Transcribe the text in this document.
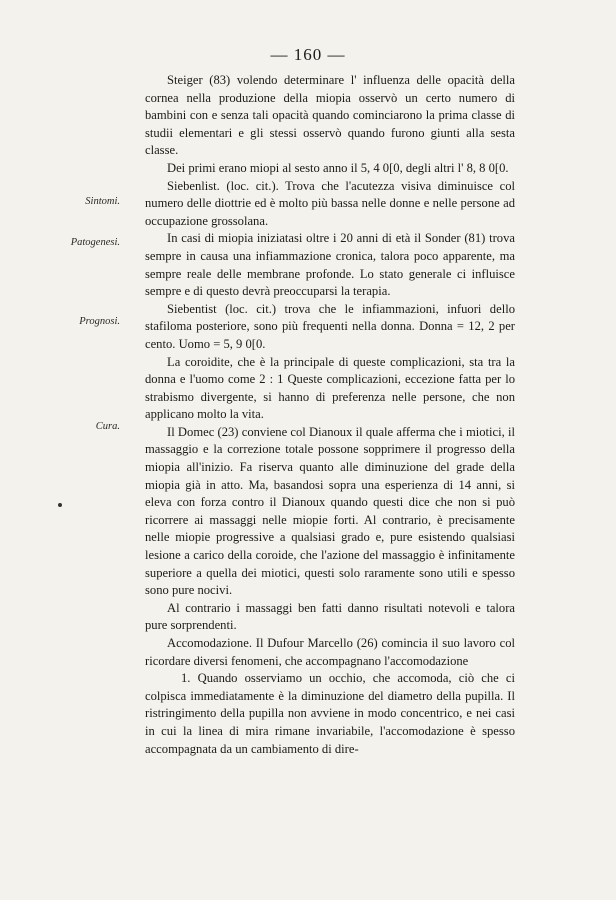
— 160 —
Sintomi.
Patogenesi.
Prognosi.
Cura.

Steiger (83) volendo determinare l' influenza delle opacità della cornea nella produzione della miopia osservò un certo numero di bambini con e senza tali opacità quando cominciarono la prima classe di studii elementari e gli stessi osservò quando furono giunti alla sesta classe.

Dei primi erano miopi al sesto anno il 5, 4 0[0, degli altri l' 8, 8 0[0.

Siebenlist. (loc. cit.). Trova che l'acutezza visiva diminuisce col numero delle diottrie ed è molto più bassa nelle donne e nelle persone ad occupazione grossolana.

In casi di miopia iniziatasi oltre i 20 anni di età il Sonder (81) trova sempre in causa una infiammazione cronica, talora poco apparente, ma sempre reale delle membrane profonde. Lo stato generale ci influisce sempre e di questo devrà preoccuparsi la terapia.

Siebentist (loc. cit.) trova che le infiammazioni, infuori dello stafiloma posteriore, sono più frequenti nella donna. Donna = 12, 2 per cento. Uomo = 5, 9 0[0.

La coroidite, che è la principale di queste complicazioni, sta tra la donna e l'uomo come 2 : 1 Queste complicazioni, eccezione fatta per lo strabismo divergente, si hanno di preferenza nelle persone, che non applicano molto la vita.

Il Domec (23) conviene col Dianoux il quale afferma che i miotici, il massaggio e la correzione totale possone sopprimere il progresso della miopia all'inizio. Fa riserva quanto alle diminuzione del grade della miopia già in atto. Ma, basandosi sopra una esperienza di 14 anni, si eleva con forza contro il Dianoux quando questi dice che non si può ricorrere ai massaggi nelle miopie forti. Al contrario, è precisamente nelle miopie progressive a qualsiasi grado e, pure esistendo qualsiasi lesione a carico della coroide, che l'azione del massaggio è infinitamente superiore a quella dei miotici, questi solo raramente sono utili e spesso sono pure nocivi.

Al contrario i massaggi ben fatti danno risultati notevoli e talora pure sorprendenti.

Accomodazione. Il Dufour Marcello (26) comincia il suo lavoro col ricordare diversi fenomeni, che accompagnano l'accomodazione

1. Quando osserviamo un occhio, che accomoda, ciò che ci colpisca immediatamente è la diminuzione del diametro della pupilla. Il ristringimento della pupilla non avviene in modo concentrico, e nei casi in cui la linea di mira rimane invariabile, l'accomodazione è spesso accompagnata da un cambiamento di dire-
